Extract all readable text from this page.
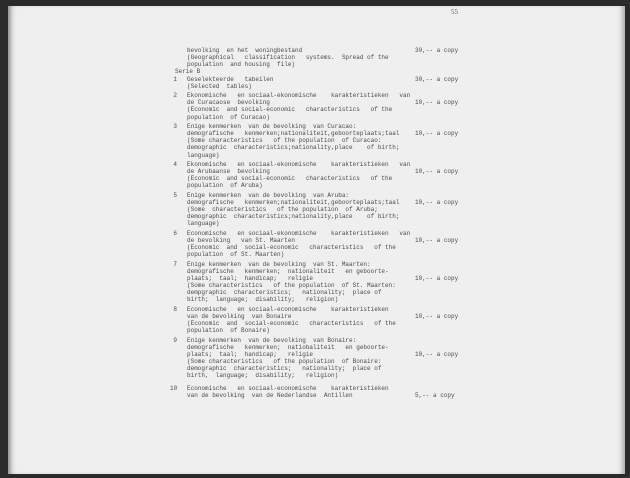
55
bevolking  en het  woningbestand	30,-- a copy
(Geographical   classification   systems.  Spread of the
population  and housing  file)
Serie B
1 Geselekteerde   tabeilen	30,-- a copy
(Selected  tables)
2 Ekonomische   en sociaal-ekonomische    karakteristieken   van
de Curacaose  bevolking	10,-- a copy
(Economic  and social-economic   characteristics   of the
population  of Curacao)
3 Enige kenmerken  van de bevolking  van Curacao:
demografische   kenmerken;nationaliteit,geboorteplaats;taal	10,-- a copy
(Some characteristics   of the population  of Curacao:
demographic  characteristics;nationality,place    of birth;
language)
4 Ekonomische   en sociaal-ekonomische    karakteristieken   van
de Arubaanse  bevolking	10,-- a copy
(Economic  and social-economic   characteristics   of the
population  of Aruba)
5 Enige kenmerken  van de bevolking  van Aruba:
demografische   kenmerken;nationaliteit,geboorteplaats;taal	10,-- a copy
(Some  characteristics   of the population  of Aruba;
demographic  characteristics;nationality,place    of birth;
language)
6 Economische   en sociaal-ekonomische    karakteristieken   van
de bevolking   van St. Maarten	10,-- a copy
(Economic  and  social-economic   characteristics   of the
population  of St. Maarten)
7 Enige kenmerken  van de bevolking  van St. Maarten:
demografische   kenmerken;  nationaliteit   en geboorte-
plaats;  taal;  handicap;   religie	10,-- a copy
(Some characteristics   of the population  of St. Maarten:
dempgraphic  characteristics;   nationality;  place of
birth;  language;  disability;   religion)
8 Economische   en sociaal-economische    karakteristieken
van de bevolking  van Bonaire	10,-- a copy
(Economic  and  social-economic   characteristics   of the
population  of Bonaire)
9 Enige kenmerken  van de bevolking  van Bonaire:
demografische   kenmerken;  natiobaliteit   en geboorte-
plaats;  taal;  handicap;   religie	10,-- a copy
(Some characteristics   of the population  of Bonaire:
demographic  characteristics;   nationality;  place of
birth,  language;  disability;   religion)
10 Economische   en sociaal-economische    karakteristieken
van de bevolking  van de Nederlandse  Antillen	5,-- a copy
